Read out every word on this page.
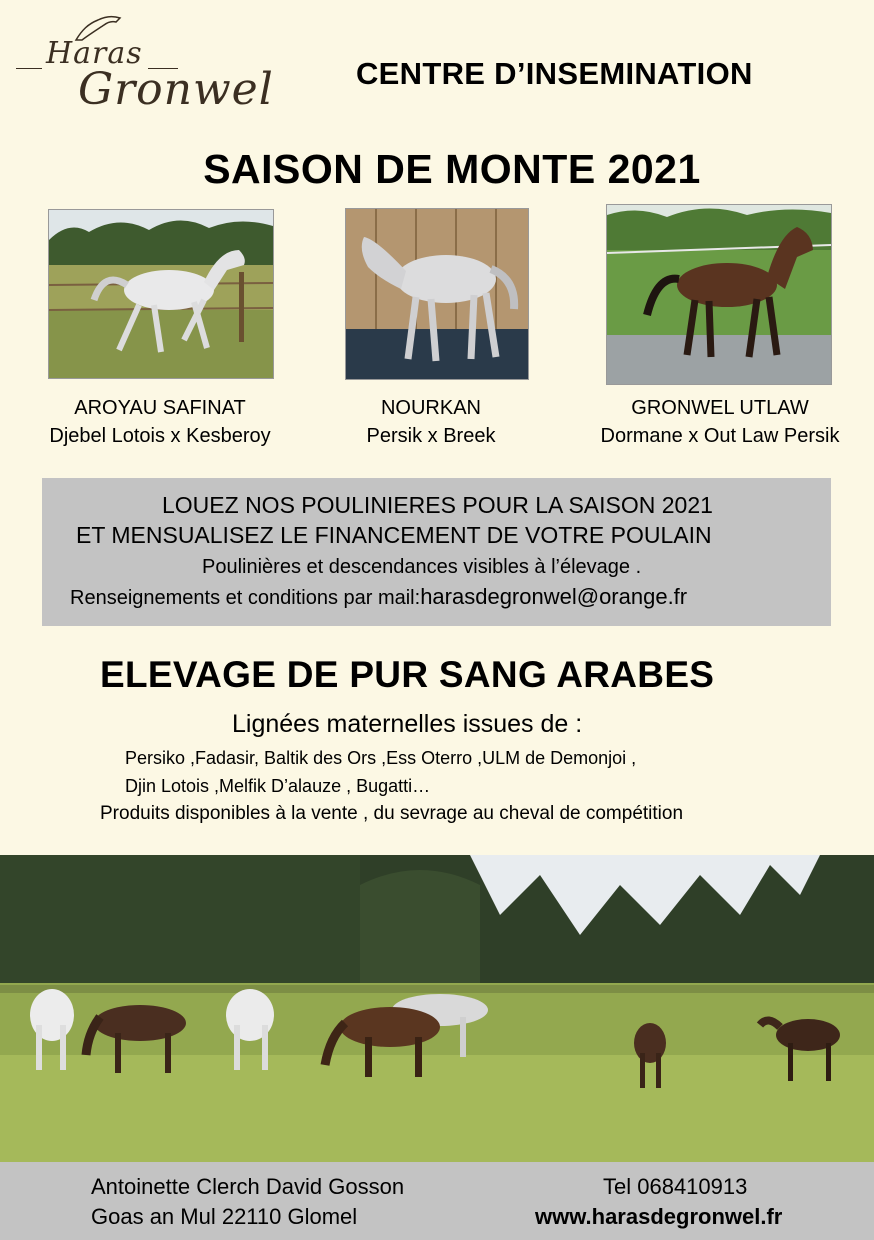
Haras
Gronwel	CENTRE D’INSEMINATION
SAISON DE MONTE 2021
AROYAU SAFINAT
Djebel Lotois x Kesberoy
NOURKAN
Persik x Breek
GRONWEL UTLAW
Dormane x Out Law Persik
LOUEZ NOS POULINIERES POUR LA SAISON 2021
ET MENSUALISEZ LE FINANCEMENT DE VOTRE POULAIN
Poulinières et descendances visibles à l’élevage .
Renseignements et conditions par mail:harasdegronwel@orange.fr
ELEVAGE DE PUR SANG ARABES
Lignées maternelles issues de :
Persiko ,Fadasir, Baltik des Ors ,Ess Oterro ,ULM de Demonjoi ,
Djin Lotois ,Melfik D’alauze , Bugatti…
Produits disponibles à la vente , du sevrage au cheval de compétition
Antoinette Clerch David Gosson
Goas an Mul 22110 Glomel
Tel 068410913
www.harasdegronwel.fr
